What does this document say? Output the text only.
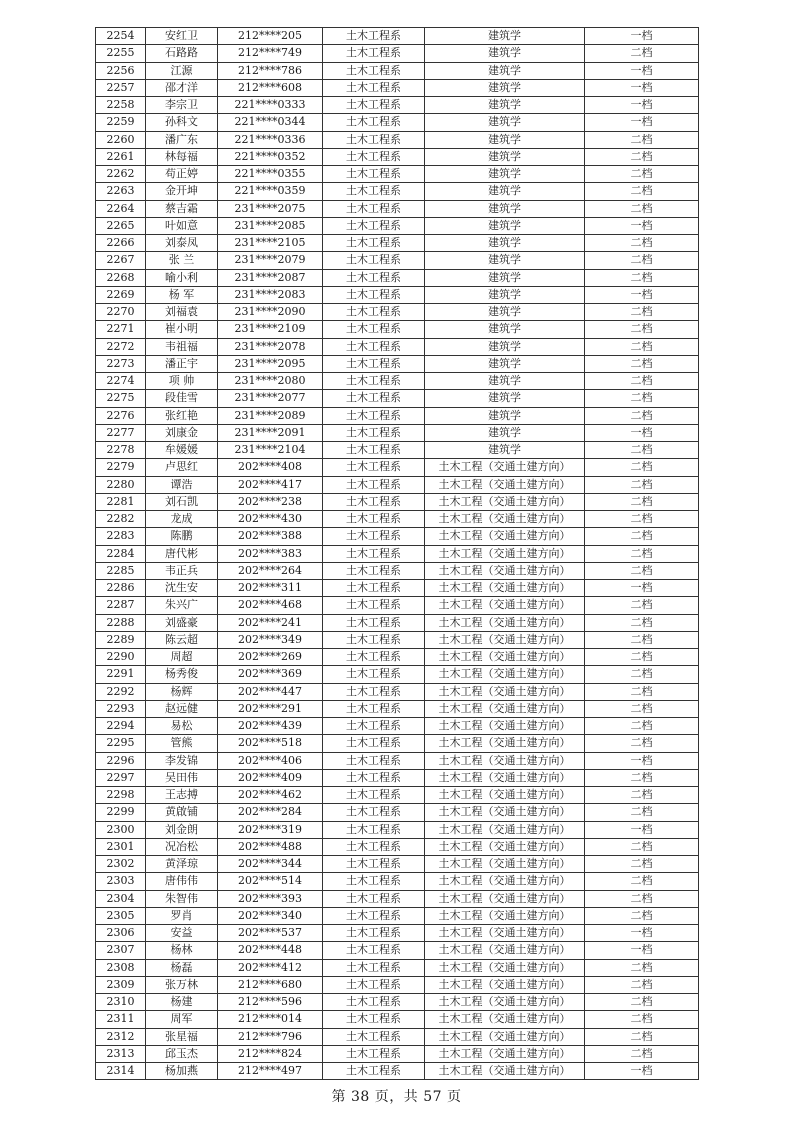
2254	安红卫	212****205	土木工程系	建筑学	一档
2255	石路路	212****749	土木工程系	建筑学	二档
2256	江源	212****786	土木工程系	建筑学	一档
2257	邵才洋	212****608	土木工程系	建筑学	一档
2258	李宗卫	221****0333	土木工程系	建筑学	一档
2259	孙科文	221****0344	土木工程系	建筑学	一档
2260	潘广东	221****0336	土木工程系	建筑学	二档
2261	林每福	221****0352	土木工程系	建筑学	二档
2262	苟正婷	221****0355	土木工程系	建筑学	二档
2263	金开坤	221****0359	土木工程系	建筑学	二档
2264	蔡吉霜	231****2075	土木工程系	建筑学	二档
2265	叶如意	231****2085	土木工程系	建筑学	一档
2266	刘泰凤	231****2105	土木工程系	建筑学	二档
2267	张 兰	231****2079	土木工程系	建筑学	二档
2268	喻小利	231****2087	土木工程系	建筑学	二档
2269	杨 军	231****2083	土木工程系	建筑学	一档
2270	刘福袁	231****2090	土木工程系	建筑学	二档
2271	崔小明	231****2109	土木工程系	建筑学	二档
2272	韦祖福	231****2078	土木工程系	建筑学	二档
2273	潘正宇	231****2095	土木工程系	建筑学	二档
2274	项 帅	231****2080	土木工程系	建筑学	二档
2275	段佳雪	231****2077	土木工程系	建筑学	二档
2276	张红艳	231****2089	土木工程系	建筑学	二档
2277	刘康金	231****2091	土木工程系	建筑学	一档
2278	牟媛媛	231****2104	土木工程系	建筑学	二档
2279	卢思红	202****408	土木工程系	土木工程（交通土建方向）	二档
2280	谭浩	202****417	土木工程系	土木工程（交通土建方向）	二档
2281	刘石凯	202****238	土木工程系	土木工程（交通土建方向）	二档
2282	龙成	202****430	土木工程系	土木工程（交通土建方向）	二档
2283	陈鹏	202****388	土木工程系	土木工程（交通土建方向）	二档
2284	唐代彬	202****383	土木工程系	土木工程（交通土建方向）	二档
2285	韦正兵	202****264	土木工程系	土木工程（交通土建方向）	二档
2286	沈生安	202****311	土木工程系	土木工程（交通土建方向）	一档
2287	朱兴广	202****468	土木工程系	土木工程（交通土建方向）	二档
2288	刘盛豪	202****241	土木工程系	土木工程（交通土建方向）	二档
2289	陈云超	202****349	土木工程系	土木工程（交通土建方向）	二档
2290	周超	202****269	土木工程系	土木工程（交通土建方向）	二档
2291	杨秀俊	202****369	土木工程系	土木工程（交通土建方向）	二档
2292	杨辉	202****447	土木工程系	土木工程（交通土建方向）	二档
2293	赵远健	202****291	土木工程系	土木工程（交通土建方向）	二档
2294	易松	202****439	土木工程系	土木工程（交通土建方向）	二档
2295	管熊	202****518	土木工程系	土木工程（交通土建方向）	二档
2296	李发锦	202****406	土木工程系	土木工程（交通土建方向）	一档
2297	吴田伟	202****409	土木工程系	土木工程（交通土建方向）	二档
2298	王志搏	202****462	土木工程系	土木工程（交通土建方向）	二档
2299	黄啟铺	202****284	土木工程系	土木工程（交通土建方向）	二档
2300	刘金朗	202****319	土木工程系	土木工程（交通土建方向）	一档
2301	况冶松	202****488	土木工程系	土木工程（交通土建方向）	二档
2302	黄泽琼	202****344	土木工程系	土木工程（交通土建方向）	二档
2303	唐伟伟	202****514	土木工程系	土木工程（交通土建方向）	二档
2304	朱智伟	202****393	土木工程系	土木工程（交通土建方向）	二档
2305	罗肖	202****340	土木工程系	土木工程（交通土建方向）	二档
2306	安益	202****537	土木工程系	土木工程（交通土建方向）	一档
2307	杨林	202****448	土木工程系	土木工程（交通土建方向）	一档
2308	杨磊	202****412	土木工程系	土木工程（交通土建方向）	二档
2309	张万林	212****680	土木工程系	土木工程（交通土建方向）	二档
2310	杨建	212****596	土木工程系	土木工程（交通土建方向）	二档
2311	周军	212****014	土木工程系	土木工程（交通土建方向）	二档
2312	张星福	212****796	土木工程系	土木工程（交通土建方向）	二档
2313	邱玉杰	212****824	土木工程系	土木工程（交通土建方向）	二档
2314	杨加燕	212****497	土木工程系	土木工程（交通土建方向）	一档
第 38 页，共 57 页
